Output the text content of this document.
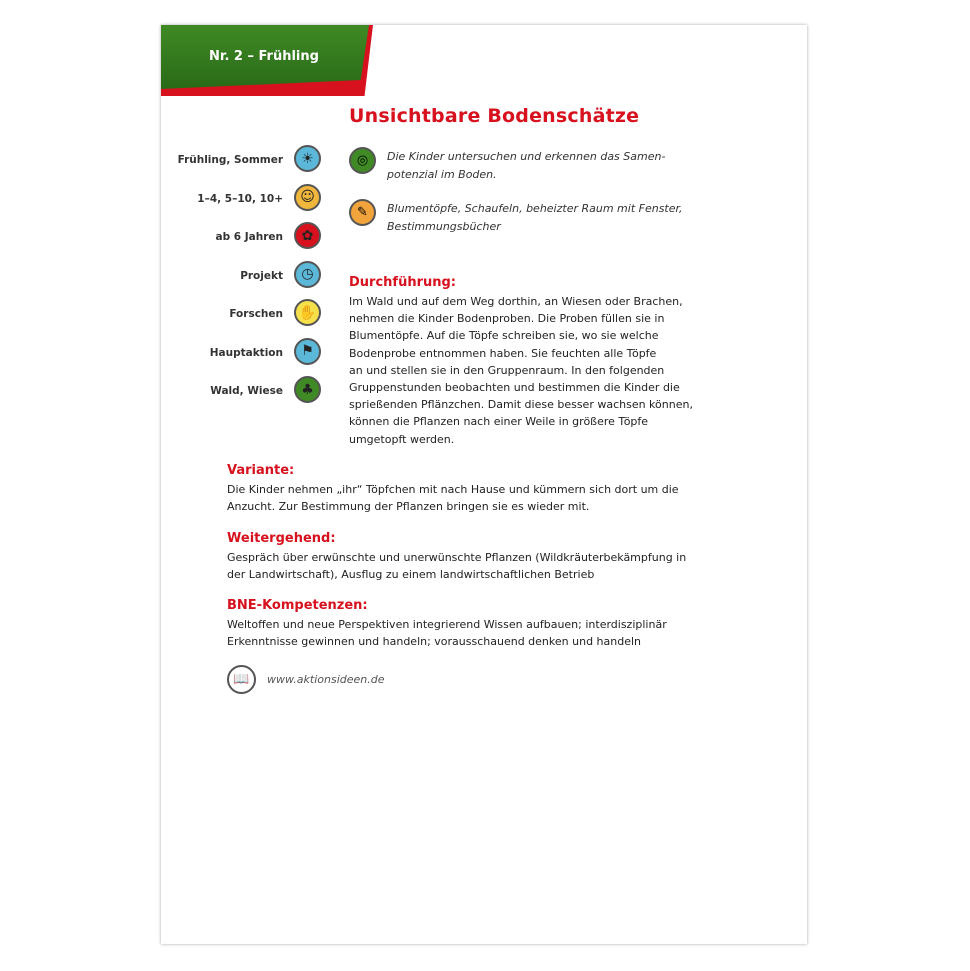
Nr. 2 – Frühling
Unsichtbare Bodenschätze
Frühling, Sommer	☀
1–4, 5–10, 10+	☺
ab 6 Jahren	✿
Projekt	◷
Forschen	✋
Hauptaktion	⚑
Wald, Wiese	♣
◎	Die Kinder untersuchen und erkennen das Samen-
potenzial im Boden.
✎	Blumentöpfe, Schaufeln, beheizter Raum mit Fenster,
Bestimmungsbücher
Durchführung:
Im Wald und auf dem Weg dorthin, an Wiesen oder Brachen,
nehmen die Kinder Bodenproben. Die Proben füllen sie in
Blumentöpfe. Auf die Töpfe schreiben sie, wo sie welche
Bodenprobe entnommen haben. Sie feuchten alle Töpfe
an und stellen sie in den Gruppenraum. In den folgenden
Gruppenstunden beobachten und bestimmen die Kinder die
sprießenden Pflänzchen. Damit diese besser wachsen können,
können die Pflanzen nach einer Weile in größere Töpfe
umgetopft werden.
Variante:
Die Kinder nehmen „ihr“ Töpfchen mit nach Hause und kümmern sich dort um die
Anzucht. Zur Bestimmung der Pflanzen bringen sie es wieder mit.
Weitergehend:
Gespräch über erwünschte und unerwünschte Pflanzen (Wildkräuterbekämpfung in
der Landwirtschaft), Ausflug zu einem landwirtschaftlichen Betrieb
BNE-Kompetenzen:
Weltoffen und neue Perspektiven integrierend Wissen aufbauen; interdisziplinär
Erkenntnisse gewinnen und handeln; vorausschauend denken und handeln
📖 www.aktionsideen.de
